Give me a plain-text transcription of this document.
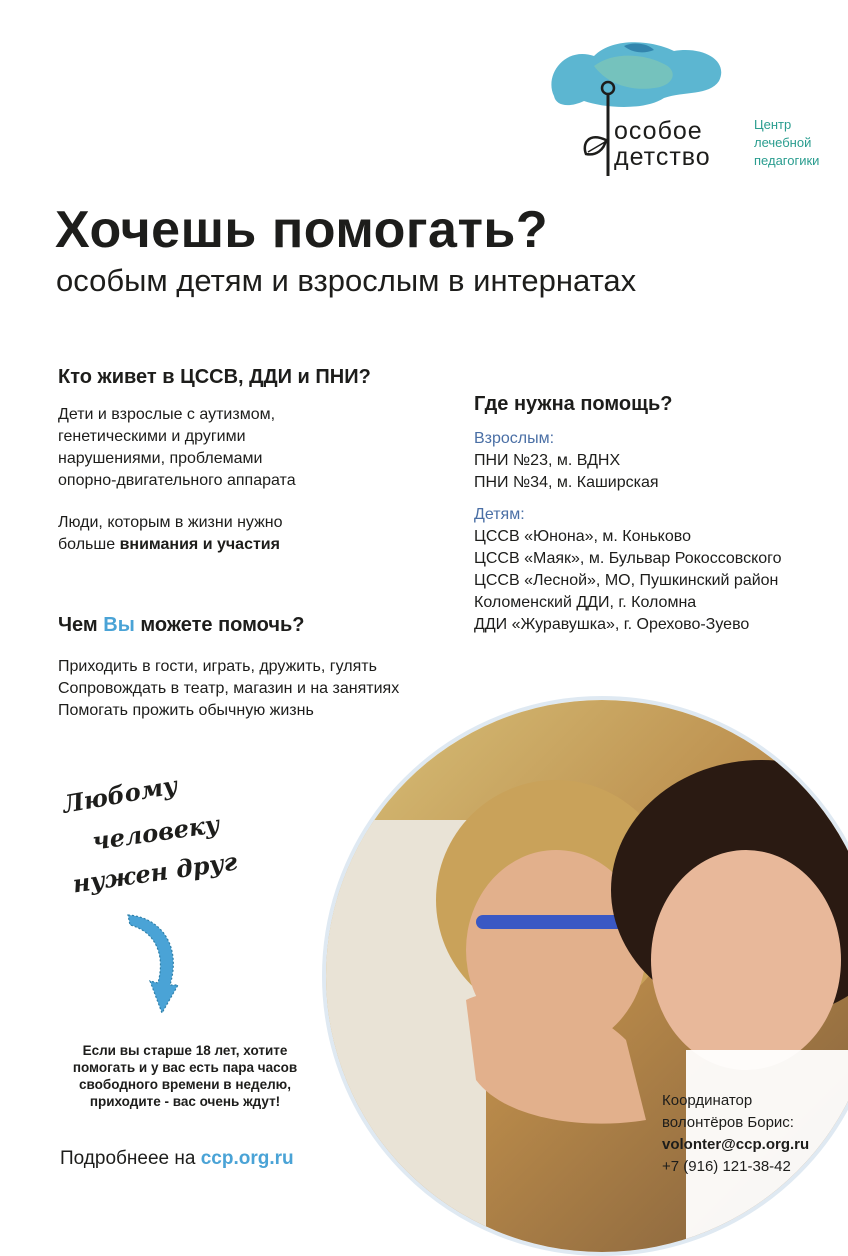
особое
детство
Центр
лечебной
педагогики
Хочешь помогать?
особым детям и взрослым в интернатах
Кто живет в ЦССВ, ДДИ и ПНИ?

Дети и взрослые с аутизмом,

генетическими и другими

нарушениями, проблемами

опорно-двигательного аппарата

Люди, которым в жизни нужно

больше внимания и участия

Чем Вы можете помочь?

Приходить в гости, играть, дружить, гулять

Сопровождать в театр, магазин и на занятиях

Помогать прожить обычную жизнь

Где нужна помощь?
Взрослым:

ПНИ №23, м. ВДНХ

ПНИ №34, м. Каширская

Детям:

ЦССВ «Юнона», м. Коньково

ЦССВ «Маяк», м. Бульвар Рокоссовского

ЦССВ «Лесной», МО, Пушкинский район

Коломенский ДДИ, г. Коломна

ДДИ «Журавушка», г. Орехово-Зуево

Любому
человеку
нужен друг
Если вы старше 18 лет, хотите
помогать и у вас есть пара часов
свободного времени в неделю,
приходите - вас очень ждут!
Подробнеее на ccp.org.ru
Координатор
волонтёров Борис:
volonter@ccp.org.ru
+7 (916) 121-38-42
